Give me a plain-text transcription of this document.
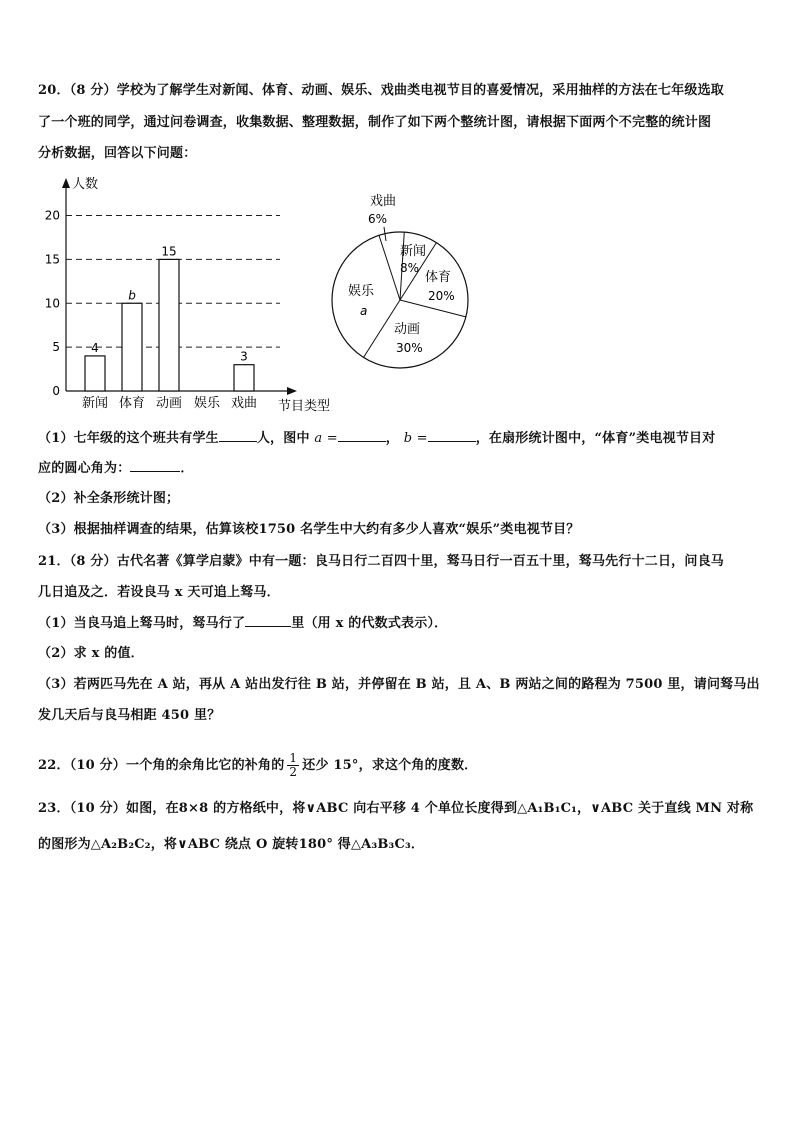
20．（8 分）学校为了解学生对新闻、体育、动画、娱乐、戏曲类电视节目的喜爱情况，采用抽样的方法在七年级选取
了一个班的同学，通过问卷调查，收集数据、整理数据，制作了如下两个整统计图，请根据下面两个不完整的统计图
分析数据，回答以下问题：
0
5
10
15
20
人数
节目类型
新闻
4
体育
b
动画
15
娱乐 戏曲
3
戏曲
6%
新闻
8%
体育
20%
动画
30%
娱乐
a
（1）七年级的这个班共有学生	人，图中 a =	， b =	，在扇形统计图中，“体育”类电视节目对
应的圆心角为：	．
（2）补全条形统计图；
（3）根据抽样调查的结果，估算该校1750 名学生中大约有多少人喜欢“娱乐”类电视节目？
21．（8 分）古代名著《算学启蒙》中有一题：良马日行二百四十里，驽马日行一百五十里，驽马先行十二日，问良马
几日追及之．若设良马 x 天可追上驽马．
（1）当良马追上驽马时，驽马行了	里（用 x 的代数式表示）．
（2）求 x 的值．
（3）若两匹马先在 A 站，再从 A 站出发行往 B 站，并停留在 B 站，且 A、B 两站之间的路程为 7500 里，请问驽马出
发几天后与良马相距 450 里？
22．（10 分）一个角的余角比它的补角的 $\frac{1}{2}$ 还少 15°，求这个角的度数．
23．（10 分）如图，在8×8 的方格纸中，将∨ABC 向右平移 4 个单位长度得到△A₁B₁C₁，∨ABC 关于直线 MN 对称
的图形为△A₂B₂C₂，将∨ABC 绕点 O 旋转180° 得△A₃B₃C₃．
